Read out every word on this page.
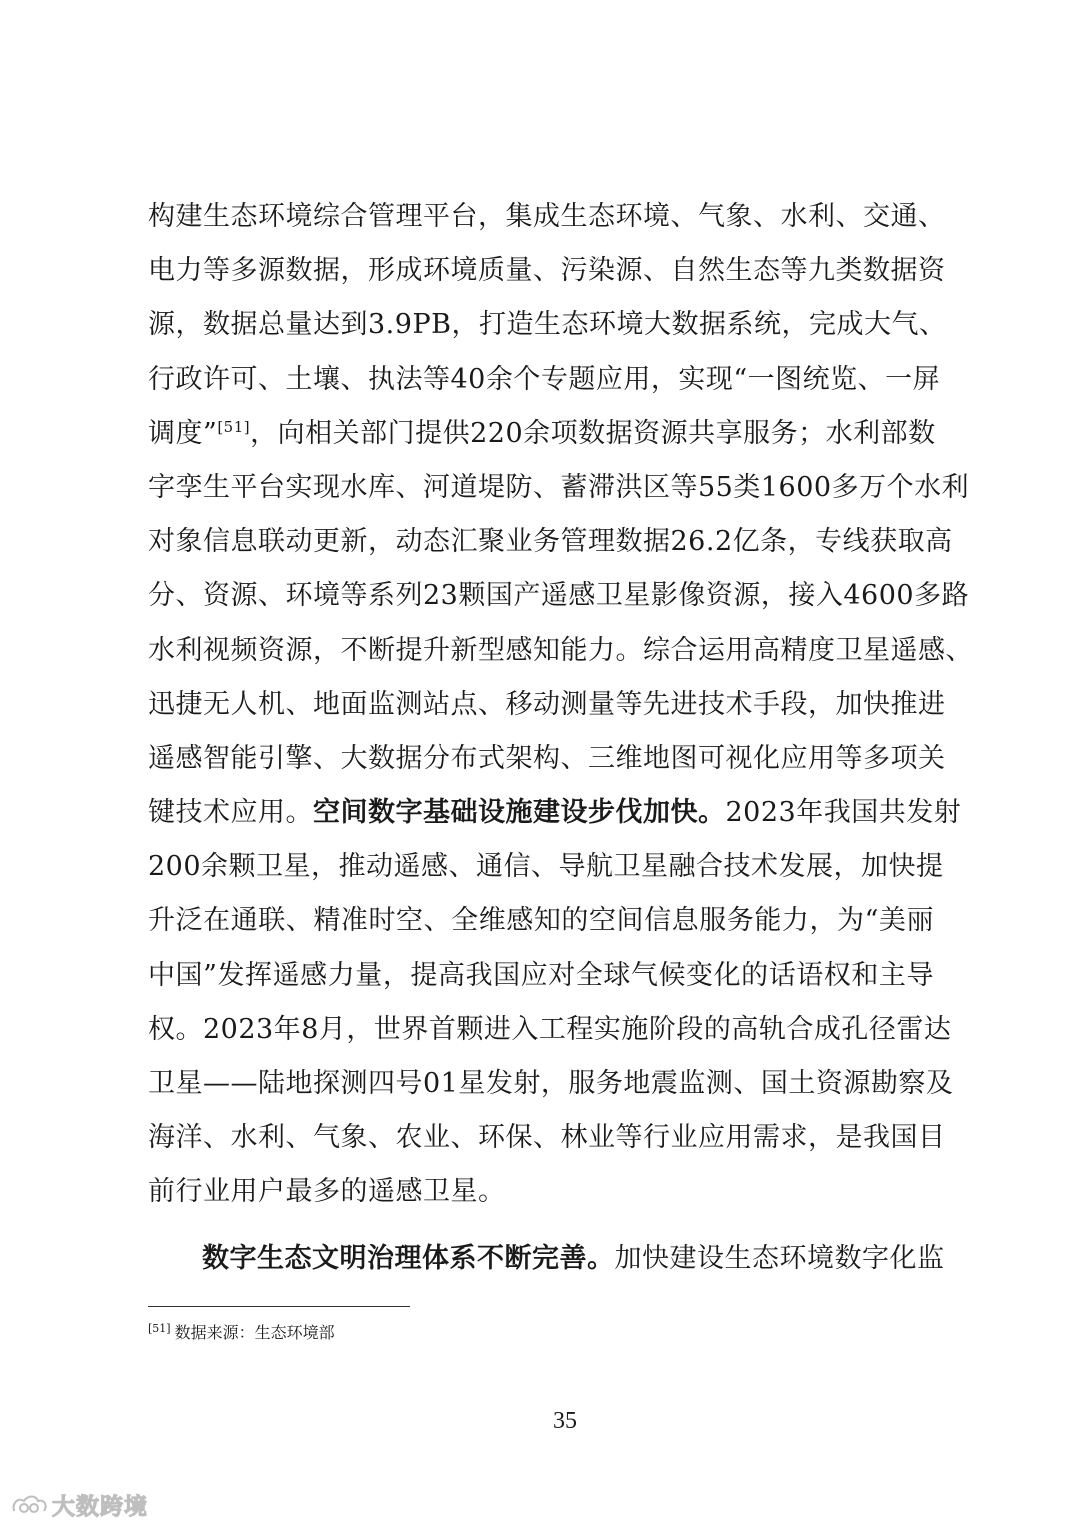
构建生态环境综合管理平台，集成生态环境、气象、水利、交通、
电力等多源数据，形成环境质量、污染源、自然生态等九类数据资
源，数据总量达到3.9PB，打造生态环境大数据系统，完成大气、
行政许可、土壤、执法等40余个专题应用，实现“一图统览、一屏
调度”[51]，向相关部门提供220余项数据资源共享服务；水利部数
字孪生平台实现水库、河道堤防、蓄滞洪区等55类1600多万个水利
对象信息联动更新，动态汇聚业务管理数据26.2亿条，专线获取高
分、资源、环境等系列23颗国产遥感卫星影像资源，接入4600多路
水利视频资源，不断提升新型感知能力。综合运用高精度卫星遥感、
迅捷无人机、地面监测站点、移动测量等先进技术手段，加快推进
遥感智能引擎、大数据分布式架构、三维地图可视化应用等多项关
键技术应用。空间数字基础设施建设步伐加快。2023年我国共发射
200余颗卫星，推动遥感、通信、导航卫星融合技术发展，加快提
升泛在通联、精准时空、全维感知的空间信息服务能力，为“美丽
中国”发挥遥感力量，提高我国应对全球气候变化的话语权和主导
权。2023年8月，世界首颗进入工程实施阶段的高轨合成孔径雷达
卫星——陆地探测四号01星发射，服务地震监测、国土资源勘察及
海洋、水利、气象、农业、环保、林业等行业应用需求，是我国目
前行业用户最多的遥感卫星。
数字生态文明治理体系不断完善。加快建设生态环境数字化监
[51] 数据来源：生态环境部
35
大数跨境
